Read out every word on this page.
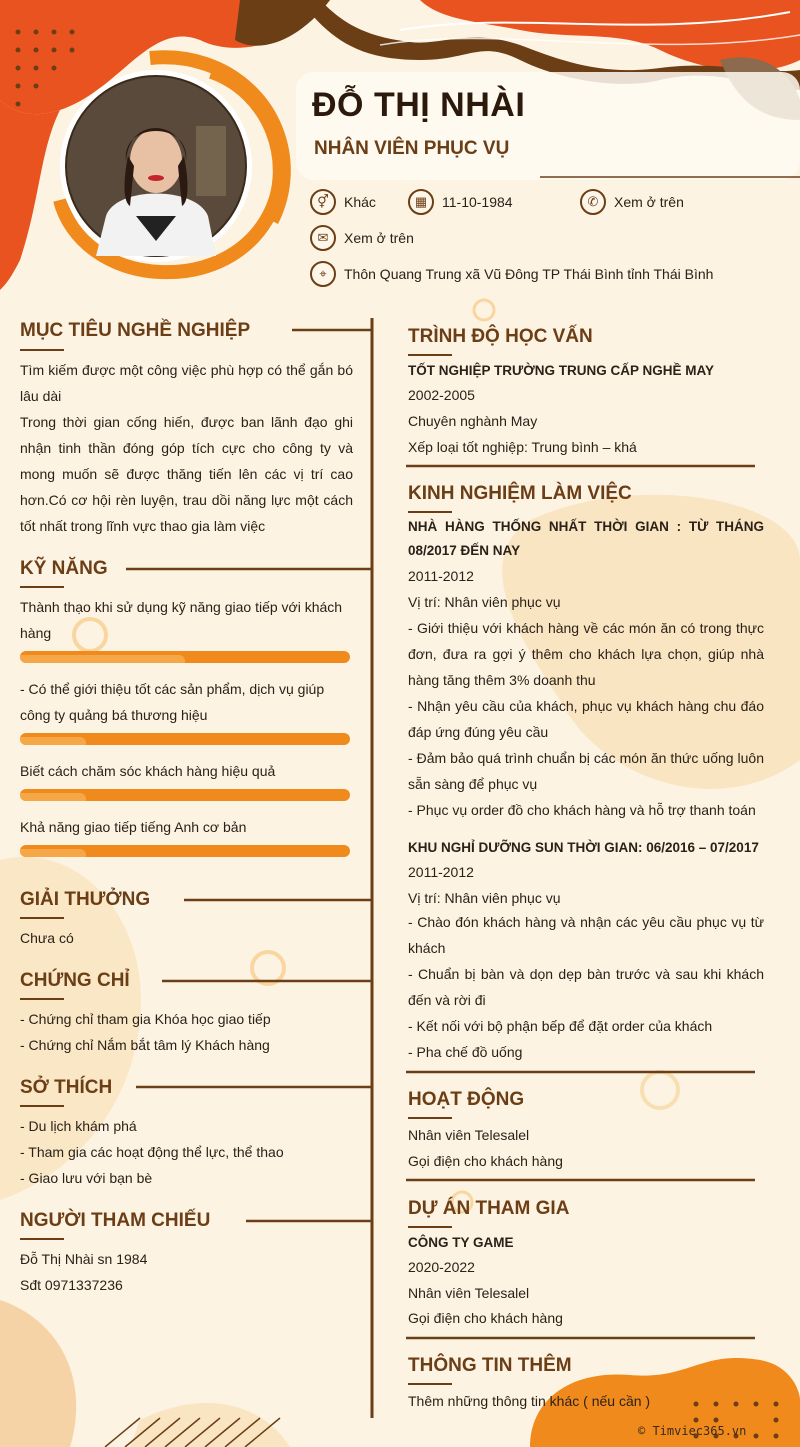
ĐỖ THỊ NHÀI
NHÂN VIÊN PHỤC VỤ
⚥	Khác	▦	11-10-1984	✆	Xem ở trên
✉	Xem ở trên
⌖	Thôn Quang Trung xã Vũ Đông TP Thái Bình tỉnh Thái Bình
MỤC TIÊU NGHỀ NGHIỆP
Tìm kiếm được một công việc phù hợp có thể gắn bó lâu dài
Trong thời gian cống hiến, được ban lãnh đạo ghi nhận tinh thần đóng góp tích cực cho công ty và mong muốn sẽ được thăng tiến lên các vị trí cao hơn.Có cơ hội rèn luyện, trau dồi năng lực một cách tốt nhất trong lĩnh vực thao gia làm việc
KỸ NĂNG
Thành thạo khi sử dụng kỹ năng giao tiếp với khách hàng
- Có thể giới thiệu tốt các sản phẩm, dịch vụ giúp công ty quảng bá thương hiệu
Biết cách chăm sóc khách hàng hiệu quả
Khả năng giao tiếp tiếng Anh cơ bản
GIẢI THƯỞNG
Chưa có
CHỨNG CHỈ
- Chứng chỉ tham gia Khóa học giao tiếp
- Chứng chỉ Nắm bắt tâm lý Khách hàng
SỞ THÍCH
- Du lịch khám phá
- Tham gia các hoạt động thể lực, thể thao
- Giao lưu với bạn bè
NGƯỜI THAM CHIẾU
Đỗ Thị Nhài sn 1984
Sđt 0971337236
TRÌNH ĐỘ HỌC VẤN
TỐT NGHIỆP TRƯỜNG TRUNG CẤP NGHỀ MAY
2002-2005
Chuyên nghành May
Xếp loại tốt nghiệp: Trung bình – khá
KINH NGHIỆM LÀM VIỆC
NHÀ HÀNG THỐNG NHẤT THỜI GIAN : TỪ THÁNG 08/2017 ĐẾN NAY
2011-2012
Vị trí: Nhân viên phục vụ
- Giới thiệu với khách hàng về các món ăn có trong thực đơn, đưa ra gợi ý thêm cho khách lựa chọn, giúp nhà hàng tăng thêm 3% doanh thu
- Nhận yêu cầu của khách, phục vụ khách hàng chu đáo đáp ứng đúng yêu cầu
- Đảm bảo quá trình chuẩn bị các món ăn thức uống luôn sẵn sàng để phục vụ
- Phục vụ order đồ cho khách hàng và hỗ trợ thanh toán
KHU NGHỈ DƯỠNG SUN THỜI GIAN: 06/2016 – 07/2017
2011-2012
Vị trí: Nhân viên phục vụ
- Chào đón khách hàng và nhận các yêu cầu phục vụ từ khách
- Chuẩn bị bàn và dọn dẹp bàn trước và sau khi khách đến và rời đi
- Kết nối với bộ phận bếp để đặt order của khách
- Pha chế đồ uống
HOẠT ĐỘNG
Nhân viên Telesalel
Gọi điện cho khách hàng
DỰ ÁN THAM GIA
CÔNG TY GAME
2020-2022
Nhân viên Telesalel
Gọi điện cho khách hàng
THÔNG TIN THÊM
Thêm những thông tin khác ( nếu cần )
© Timviec365.vn
